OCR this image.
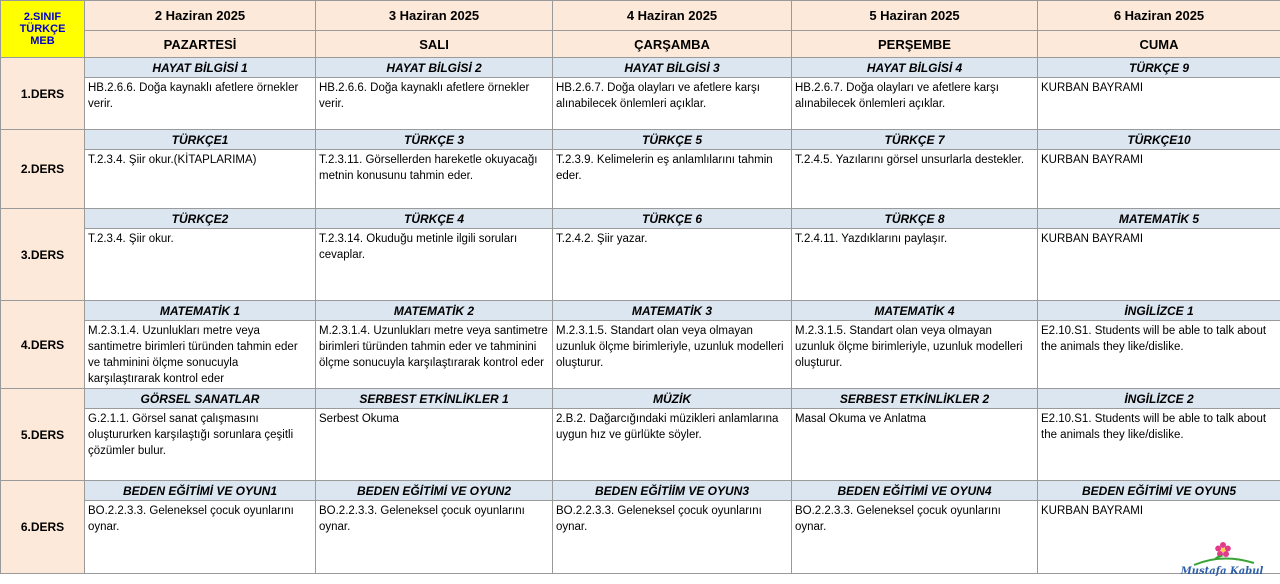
2.SINIF
TÜRKÇE
MEB	2 Haziran 2025	3 Haziran 2025	4 Haziran 2025	5 Haziran 2025	6 Haziran 2025
	PAZARTESİ	SALI	ÇARŞAMBA	PERŞEMBE	CUMA
1.DERS	HAYAT BİLGİSİ 1	HAYAT BİLGİSİ 2	HAYAT BİLGİSİ 3	HAYAT BİLGİSİ 4	TÜRKÇE 9
	HB.2.6.6. Doğa kaynaklı afetlere örnekler verir.	HB.2.6.6. Doğa kaynaklı afetlere örnekler verir.	HB.2.6.7. Doğa olayları ve afetlere karşı alınabilecek önlemleri açıklar.	HB.2.6.7. Doğa olayları ve afetlere karşı alınabilecek önlemleri açıklar.	KURBAN BAYRAMI
2.DERS	TÜRKÇE1	TÜRKÇE 3	TÜRKÇE 5	TÜRKÇE 7	TÜRKÇE10
	T.2.3.4. Şiir okur.(KİTAPLARIMA)	T.2.3.11. Görsellerden hareketle okuyacağı metnin konusunu tahmin eder.	T.2.3.9. Kelimelerin eş anlamlılarını tahmin eder.	T.2.4.5. Yazılarını görsel unsurlarla destekler.	KURBAN BAYRAMI
3.DERS	TÜRKÇE2	TÜRKÇE 4	TÜRKÇE 6	TÜRKÇE 8	MATEMATİK 5
	T.2.3.4. Şiir okur.	T.2.3.14. Okuduğu metinle ilgili soruları cevaplar.	T.2.4.2. Şiir yazar.	T.2.4.11. Yazdıklarını paylaşır.	KURBAN BAYRAMI
4.DERS	MATEMATİK 1	MATEMATİK 2	MATEMATİK 3	MATEMATİK 4	İNGİLİZCE 1
	M.2.3.1.4. Uzunlukları metre veya santimetre birimleri türünden tahmin eder ve tahminini ölçme sonucuyla karşılaştırarak kontrol eder	M.2.3.1.4. Uzunlukları metre veya santimetre birimleri türünden tahmin eder ve tahminini ölçme sonucuyla karşılaştırarak kontrol eder	M.2.3.1.5. Standart olan veya olmayan uzunluk ölçme birimleriyle, uzunluk modelleri oluşturur.	M.2.3.1.5. Standart olan veya olmayan uzunluk ölçme birimleriyle, uzunluk modelleri oluşturur.	E2.10.S1. Students will be able to talk about the animals they like/dislike.
5.DERS	GÖRSEL SANATLAR	SERBEST ETKİNLİKLER 1	MÜZİK	SERBEST ETKİNLİKLER 2	İNGİLİZCE 2
	G.2.1.1. Görsel sanat çalışmasını oluştururken karşılaştığı sorunlara çeşitli çözümler bulur.	Serbest Okuma	2.B.2. Dağarcığındaki müzikleri anlamlarına uygun hız ve gürlükte söyler.	Masal Okuma ve Anlatma	E2.10.S1. Students will be able to talk about the animals they like/dislike.
6.DERS	BEDEN EĞİTİMİ VE OYUN1	BEDEN EĞİTİMİ VE OYUN2	BEDEN EĞİTİİM VE OYUN3	BEDEN EĞİTİMİ VE OYUN4	BEDEN EĞİTİMİ VE OYUN5
	BO.2.2.3.3. Geleneksel çocuk oyunlarını oynar.	BO.2.2.3.3. Geleneksel çocuk oyunlarını oynar.	BO.2.2.3.3. Geleneksel çocuk oyunlarını oynar.	BO.2.2.3.3. Geleneksel çocuk oyunlarını oynar.	KURBAN BAYRAMI
Mustafa Kabul
